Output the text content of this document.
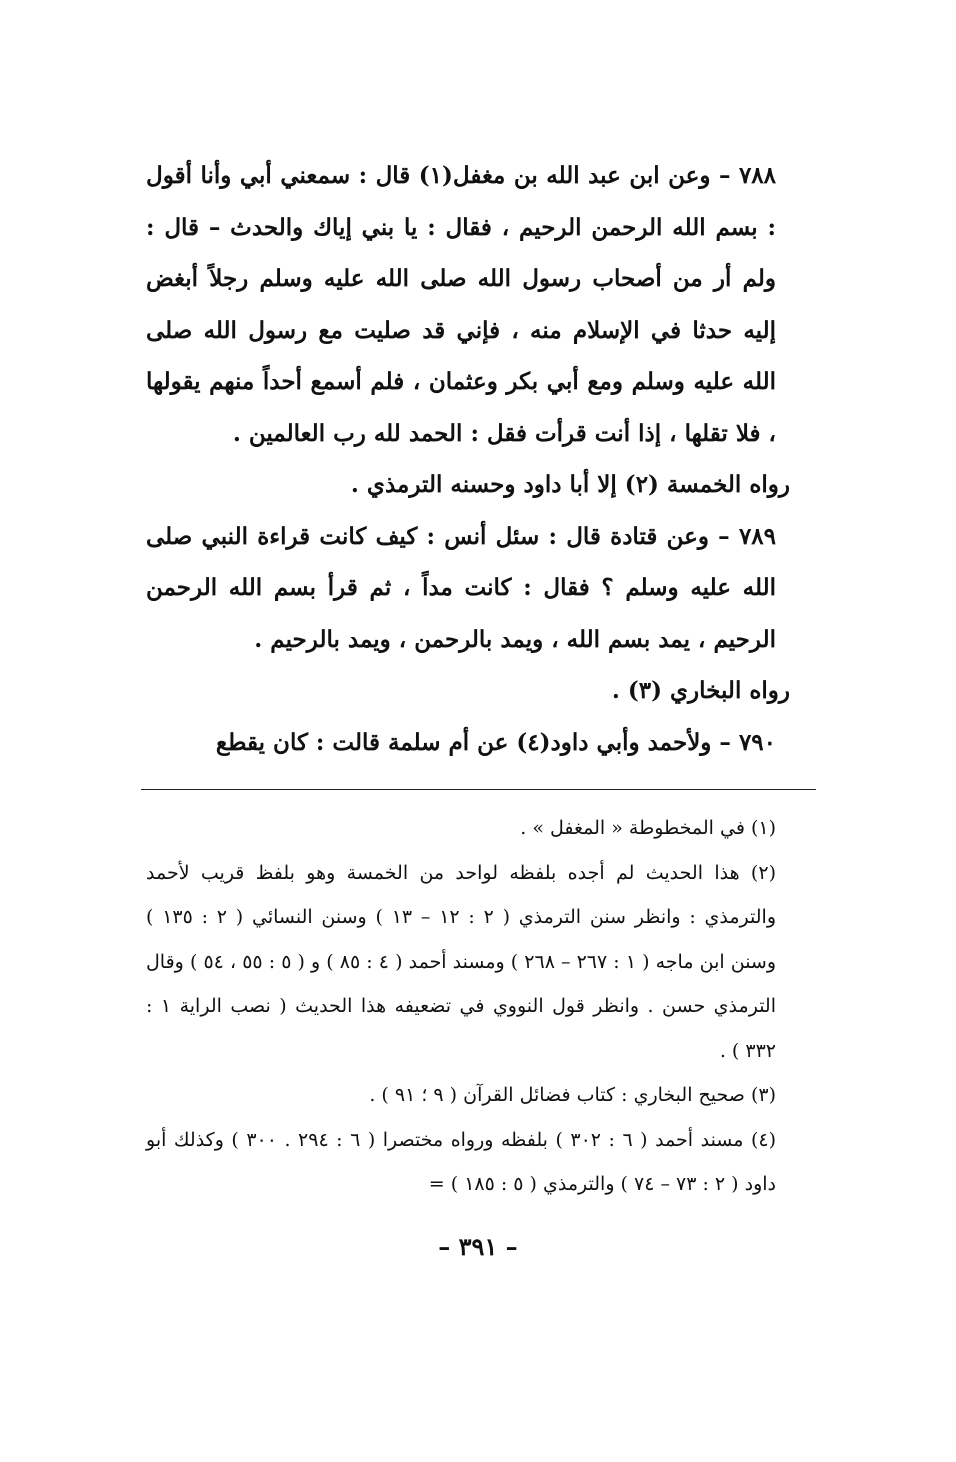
٧٨٨ – وعن ابن عبد الله بن مغفل(١) قال : سمعني أبي وأنا أقول : بسم الله الرحمن الرحيم ، فقال : يا بني إياك والحدث – قال : ولم أر من أصحاب رسول الله صلى الله عليه وسلم رجلاً أبغض إليه حدثا في الإسلام منه ، فإني قد صليت مع رسول الله صلى الله عليه وسلم ومع أبي بكر وعثمان ، فلم أسمع أحداً منهم يقولها ، فلا تقلها ، إذا أنت قرأت فقل : الحمد لله رب العالمين .

رواه الخمسة (٢) إلا أبا داود وحسنه الترمذي .

٧٨٩ – وعن قتادة قال : سئل أنس : كيف كانت قراءة النبي صلى الله عليه وسلم ؟ فقال : كانت مداً ، ثم قرأ بسم الله الرحمن الرحيم ، يمد بسم الله ، ويمد بالرحمن ، ويمد بالرحيم .

رواه البخاري (٣) .

٧٩٠ – ولأحمد وأبي داود(٤) عن أم سلمة قالت : كان يقطع

(١) في المخطوطة « المغفل » .

(٢) هذا الحديث لم أجده بلفظه لواحد من الخمسة وهو بلفظ قريب لأحمد والترمذي : وانظر سنن الترمذي ( ٢ : ١٢ – ١٣ ) وسنن النسائي ( ٢ : ١٣٥ ) وسنن ابن ماجه ( ١ : ٢٦٧ – ٢٦٨ ) ومسند أحمد ( ٤ : ٨٥ ) و ( ٥ : ٥٥ ، ٥٤ ) وقال الترمذي حسن . وانظر قول النووي في تضعيفه هذا الحديث ( نصب الراية ١ : ٣٣٢ ) .

(٣) صحيح البخاري : كتاب فضائل القرآن ( ٩ ؛ ٩١ ) .

(٤) مسند أحمد ( ٦ : ٣٠٢ ) بلفظه ورواه مختصرا ( ٦ : ٢٩٤ . ٣٠٠ ) وكذلك أبو داود ( ٢ : ٧٣ – ٧٤ ) والترمذي ( ٥ : ١٨٥ ) =

– ٣٩١ –
